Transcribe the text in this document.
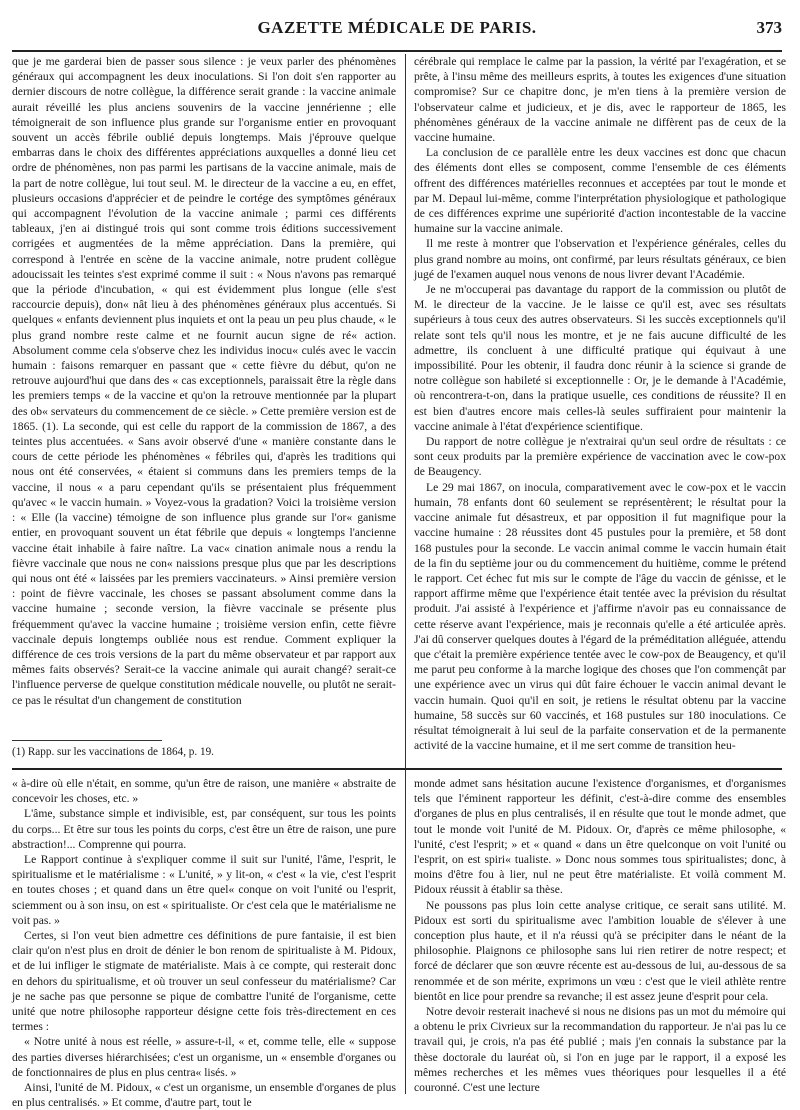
GAZETTE MÉDICALE DE PARIS.	373

que je me garderai bien de passer sous silence : je veux parler des phénomènes généraux qui accompagnent les deux inoculations. Si l'on doit s'en rapporter au dernier discours de notre collègue, la différence serait grande : la vaccine animale aurait réveillé les plus anciens souvenirs de la vaccine jennérienne ; elle témoignerait de son influence plus grande sur l'organisme entier en provoquant souvent un accès fébrile oublié depuis longtemps. Mais j'éprouve quelque embarras dans le choix des différentes appréciations auxquelles a donné lieu cet ordre de phénomènes, non pas parmi les partisans de la vaccine animale, mais de la part de notre collègue, lui tout seul. M. le directeur de la vaccine a eu, en effet, plusieurs occasions d'apprécier et de peindre le cortége des symptômes généraux qui accompagnent l'évolution de la vaccine animale ; parmi ces différents tableaux, j'en ai distingué trois qui sont comme trois éditions successivement corrigées et augmentées de la même appréciation. Dans la première, qui correspond à l'entrée en scène de la vaccine animale, notre prudent collègue adoucissait les teintes s'est exprimé comme il suit : « Nous n'avons pas remarqué que la période d'incubation, « qui est évidemment plus longue (elle s'est raccourcie depuis), don« nât lieu à des phénomènes généraux plus accentués. Si quelques « enfants deviennent plus inquiets et ont la peau un peu plus chaude, « le plus grand nombre reste calme et ne fournit aucun signe de ré« action. Absolument comme cela s'observe chez les individus inocu« culés avec le vaccin humain : faisons remarquer en passant que « cette fièvre du début, qu'on ne retrouve aujourd'hui que dans des « cas exceptionnels, paraissait être la règle dans les premiers temps « de la vaccine et qu'on la retrouve mentionnée par la plupart des ob« servateurs du commencement de ce siècle. » Cette première version est de 1865. (1). La seconde, qui est celle du rapport de la commission de 1867, a des teintes plus accentuées. « Sans avoir observé d'une « manière constante dans le cours de cette période les phénomènes « fébriles qui, d'après les traditions qui nous ont été conservées, « étaient si communs dans les premiers temps de la vaccine, il nous « a paru cependant qu'ils se présentaient plus fréquemment qu'avec « le vaccin humain. » Voyez-vous la gradation? Voici la troisième version : « Elle (la vaccine) témoigne de son influence plus grande sur l'or« ganisme entier, en provoquant souvent un état fébrile que depuis « longtemps l'ancienne vaccine était inhabile à faire naître. La vac« cination animale nous a rendu la fièvre vaccinale que nous ne con« naissions presque plus que par les descriptions qui nous ont été « laissées par les premiers vaccinateurs. » Ainsi première version : point de fièvre vaccinale, les choses se passant absolument comme dans la vaccine humaine ; seconde version, la fièvre vaccinale se présente plus fréquemment qu'avec la vaccine humaine ; troisième version enfin, cette fièvre vaccinale depuis longtemps oubliée nous est rendue. Comment expliquer la différence de ces trois versions de la part du même observateur et par rapport aux mêmes faits observés? Serait-ce la vaccine animale qui aurait changé? serait-ce l'influence perverse de quelque constitution médicale nouvelle, ou plutôt ne serait-ce pas le résultat d'un changement de constitution

(1) Rapp. sur les vaccinations de 1864, p. 19.

cérébrale qui remplace le calme par la passion, la vérité par l'exagération, et se prête, à l'insu même des meilleurs esprits, à toutes les exigences d'une situation compromise? Sur ce chapitre donc, je m'en tiens à la première version de l'observateur calme et judicieux, et je dis, avec le rapporteur de 1865, les phénomènes généraux de la vaccine animale ne diffèrent pas de ceux de la vaccine humaine.

La conclusion de ce parallèle entre les deux vaccines est donc que chacun des éléments dont elles se composent, comme l'ensemble de ces éléments offrent des différences matérielles reconnues et acceptées par tout le monde et par M. Depaul lui-même, comme l'interprétation physiologique et pathologique de ces différences exprime une supériorité d'action incontestable de la vaccine humaine sur la vaccine animale.

Il me reste à montrer que l'observation et l'expérience générales, celles du plus grand nombre au moins, ont confirmé, par leurs résultats généraux, ce bien jugé de l'examen auquel nous venons de nous livrer devant l'Académie.

Je ne m'occuperai pas davantage du rapport de la commission ou plutôt de M. le directeur de la vaccine. Je le laisse ce qu'il est, avec ses résultats supérieurs à tous ceux des autres observateurs. Si les succès exceptionnels qu'il relate sont tels qu'il nous les montre, et je ne fais aucune difficulté de les admettre, ils concluent à une difficulté pratique qui équivaut à une impossibilité. Pour les obtenir, il faudra donc réunir à la science si grande de notre collègue son habileté si exceptionnelle : Or, je le demande à l'Académie, où rencontrera-t-on, dans la pratique usuelle, ces conditions de réussite? Il en est bien d'autres encore mais celles-là seules suffiraient pour maintenir la vaccine animale à l'état d'expérience scientifique.

Du rapport de notre collègue je n'extrairai qu'un seul ordre de résultats : ce sont ceux produits par la première expérience de vaccination avec le cow-pox de Beaugency.

Le 29 mai 1867, on inocula, comparativement avec le cow-pox et le vaccin humain, 78 enfants dont 60 seulement se représentèrent; le résultat pour la vaccine animale fut désastreux, et par opposition il fut magnifique pour la vaccine humaine : 28 réussites dont 45 pustules pour la première, et 58 dont 168 pustules pour la seconde. Le vaccin animal comme le vaccin humain était de la fin du septième jour ou du commencement du huitième, comme le prétend le rapport. Cet échec fut mis sur le compte de l'âge du vaccin de génisse, et le rapport affirme même que l'expérience était tentée avec la prévision du résultat produit. J'ai assisté à l'expérience et j'affirme n'avoir pas eu connaissance de cette réserve avant l'expérience, mais je reconnais qu'elle a été articulée après. J'ai dû conserver quelques doutes à l'égard de la préméditation alléguée, attendu que c'était la première expérience tentée avec le cow-pox de Beaugency, et qu'il me parut peu conforme à la marche logique des choses que l'on commençât par une expérience avec un virus qui dût faire échouer le vaccin animal devant le vaccin humain. Quoi qu'il en soit, je retiens le résultat obtenu par la vaccine humaine, 58 succès sur 60 vaccinés, et 168 pustules sur 180 inoculations. Ce résultat témoignerait à lui seul de la parfaite conservation et de la permanente activité de la vaccine humaine, et il me sert comme de transition heu-

« à-dire où elle n'était, en somme, qu'un être de raison, une manière « abstraite de concevoir les choses, etc. »

L'âme, substance simple et indivisible, est, par conséquent, sur tous les points du corps... Et être sur tous les points du corps, c'est être un être de raison, une pure abstraction!... Comprenne qui pourra.

Le Rapport continue à s'expliquer comme il suit sur l'unité, l'âme, l'esprit, le spiritualisme et le matérialisme : « L'unité, » y lit-on, « c'est « la vie, c'est l'esprit en toutes choses ; et quand dans un être quel« conque on voit l'unité ou l'esprit, sciemment ou à son insu, on est « spiritualiste. Or c'est cela que le matérialisme ne voit pas. »

Certes, si l'on veut bien admettre ces définitions de pure fantaisie, il est bien clair qu'on n'est plus en droit de dénier le bon renom de spiritualiste à M. Pidoux, et de lui infliger le stigmate de matérialiste. Mais à ce compte, qui resterait donc en dehors du spiritualisme, et où trouver un seul confesseur du matérialisme? Car je ne sache pas que personne se pique de combattre l'unité de l'organisme, cette unité que notre philosophe rapporteur désigne cette fois très-directement en ces termes :

« Notre unité à nous est réelle, » assure-t-il, « et, comme telle, elle « suppose des parties diverses hiérarchisées; c'est un organisme, un « ensemble d'organes ou de fonctionnaires de plus en plus centra« lisés. »

Ainsi, l'unité de M. Pidoux, « c'est un organisme, un ensemble d'organes de plus en plus centralisés. » Et comme, d'autre part, tout le

monde admet sans hésitation aucune l'existence d'organismes, et d'organismes tels que l'éminent rapporteur les définit, c'est-à-dire comme des ensembles d'organes de plus en plus centralisés, il en résulte que tout le monde admet, que tout le monde voit l'unité de M. Pidoux. Or, d'après ce même philosophe, « l'unité, c'est l'esprit; » et « quand « dans un être quelconque on voit l'unité ou l'esprit, on est spiri« tualiste. » Donc nous sommes tous spiritualistes; donc, à moins d'être fou à lier, nul ne peut être matérialiste. Et voilà comment M. Pidoux réussit à établir sa thèse.

Ne poussons pas plus loin cette analyse critique, ce serait sans utilité. M. Pidoux est sorti du spiritualisme avec l'ambition louable de s'élever à une conception plus haute, et il n'a réussi qu'à se précipiter dans le néant de la philosophie. Plaignons ce philosophe sans lui rien retirer de notre respect; et forcé de déclarer que son œuvre récente est au-dessous de lui, au-dessous de sa renommée et de son mérite, exprimons un vœu : c'est que le vieil athlète rentre bientôt en lice pour prendre sa revanche; il est assez jeune d'esprit pour cela.

Notre devoir resterait inachevé si nous ne disions pas un mot du mémoire qui a obtenu le prix Civrieux sur la recommandation du rapporteur. Je n'ai pas lu ce travail qui, je crois, n'a pas été publié ; mais j'en connais la substance par la thèse doctorale du lauréat où, si l'on en juge par le rapport, il a exposé les mêmes recherches et les mêmes vues théoriques pour lesquelles il a été couronné. C'est une lecture
